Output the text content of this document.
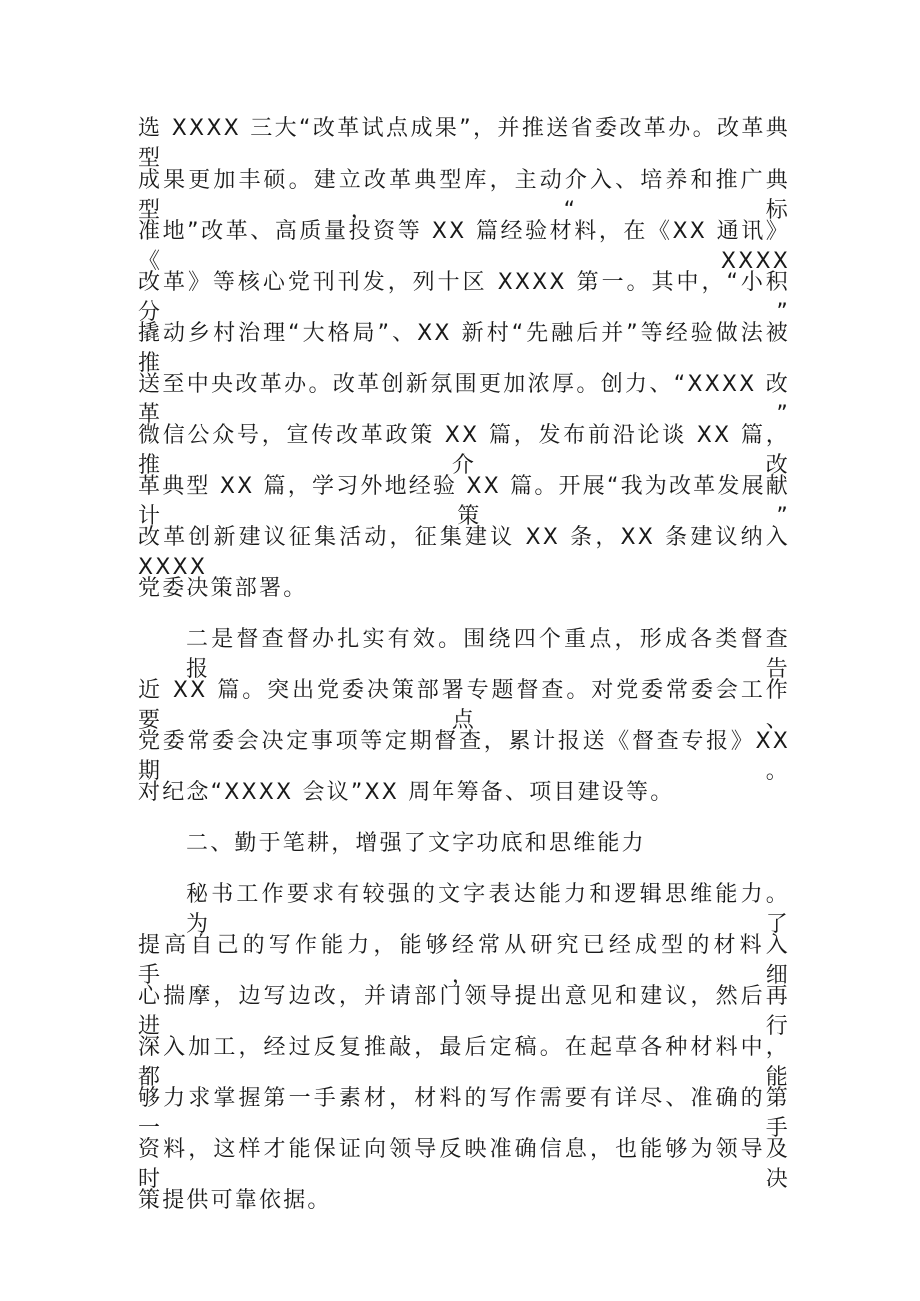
选 XXXX 三大“改革试点成果”，并推送省委改革办。改革典型
成果更加丰硕。建立改革典型库，主动介入、培养和推广典型，“标
准地”改革、高质量投资等 XX 篇经验材料，在《XX 通讯》《XXXX
改革》等核心党刊刊发，列十区 XXXX 第一。其中，“小积分”
撬动乡村治理“大格局”、XX 新村“先融后并”等经验做法被推
送至中央改革办。改革创新氛围更加浓厚。创力、“XXXX 改革”
微信公众号，宣传改革政策 XX 篇，发布前沿论谈 XX 篇，推介改
革典型 XX 篇，学习外地经验 XX 篇。开展“我为改革发展献计策”
改革创新建议征集活动，征集建议 XX 条，XX 条建议纳入 XXXX
党委决策部署。
二是督查督办扎实有效。围绕四个重点，形成各类督查报告
近 XX 篇。突出党委决策部署专题督查。对党委常委会工作要点、
党委常委会决定事项等定期督查，累计报送《督查专报》XX 期。
对纪念“XXXX 会议”XX 周年筹备、项目建设等。
二、勤于笔耕，增强了文字功底和思维能力
秘书工作要求有较强的文字表达能力和逻辑思维能力。为了
提高自己的写作能力，能够经常从研究已经成型的材料入手，细
心揣摩，边写边改，并请部门领导提出意见和建议，然后再进行
深入加工，经过反复推敲，最后定稿。在起草各种材料中，都能
够力求掌握第一手素材，材料的写作需要有详尽、准确的第一手
资料，这样才能保证向领导反映准确信息，也能够为领导及时决
策提供可靠依据。
